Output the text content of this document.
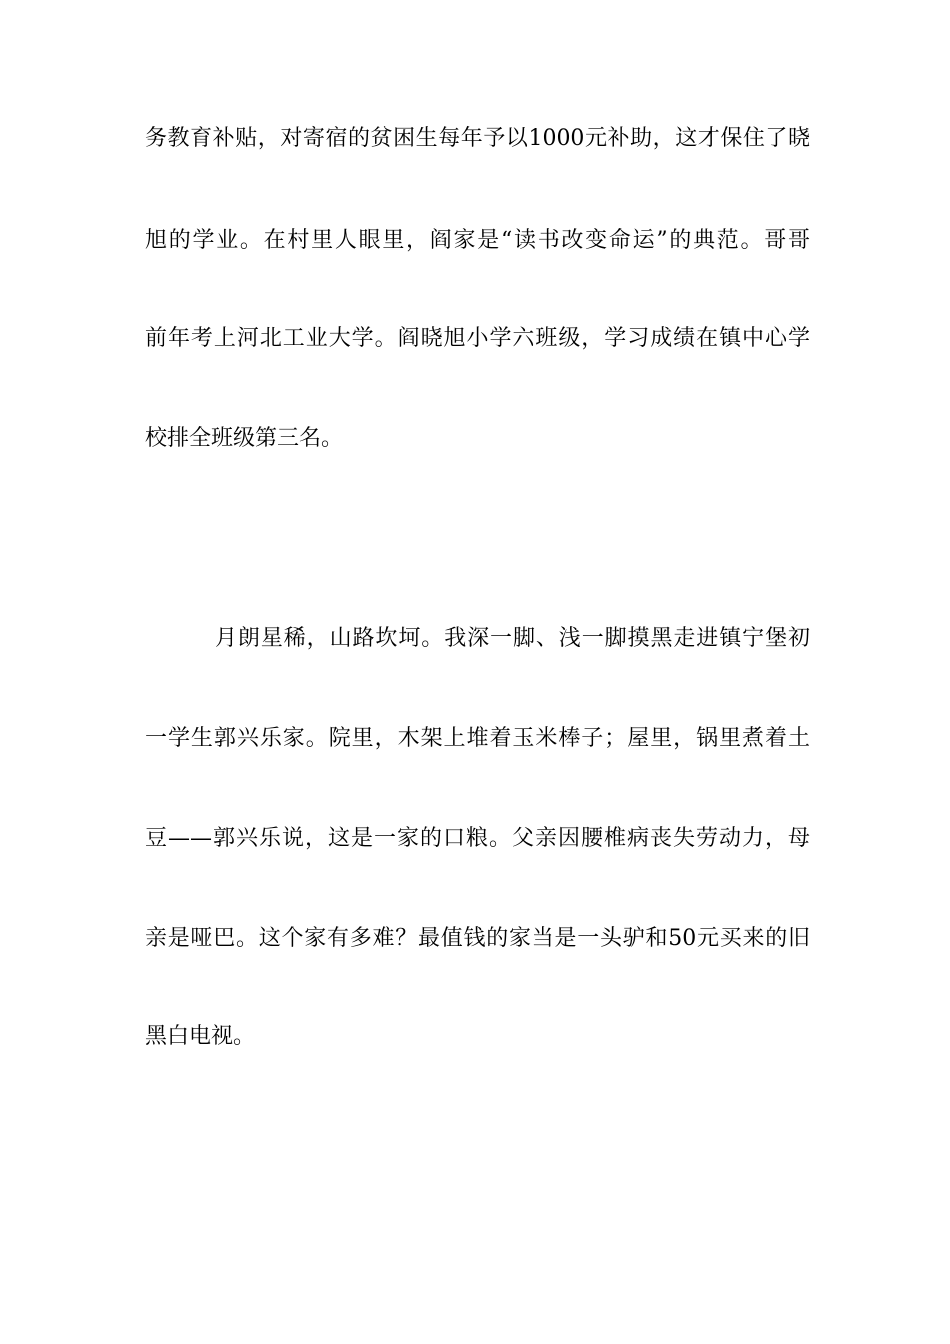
务教育补贴，对寄宿的贫困生每年予以1000元补助，这才保住了晓
旭的学业。在村里人眼里，阎家是“读书改变命运”的典范。哥哥
前年考上河北工业大学。阎晓旭小学六班级，学习成绩在镇中心学
校排全班级第三名。
月朗星稀，山路坎坷。我深一脚、浅一脚摸黑走进镇宁堡初
一学生郭兴乐家。院里，木架上堆着玉米棒子；屋里，锅里煮着土
豆——郭兴乐说，这是一家的口粮。父亲因腰椎病丧失劳动力，母
亲是哑巴。这个家有多难？最值钱的家当是一头驴和50元买来的旧
黑白电视。
